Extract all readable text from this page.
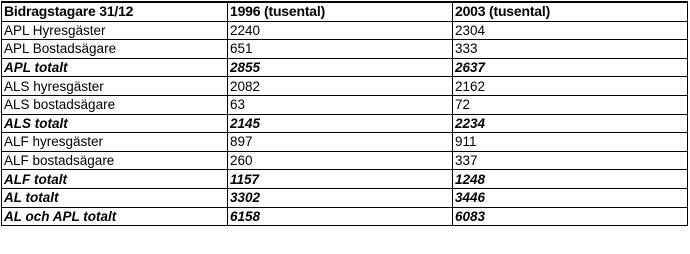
Bidragstagare 31/12	1996 (tusental)	2003 (tusental)
APL Hyresgäster	2240	2304
APL Bostadsägare	651	333
APL totalt	2855	2637
ALS hyresgäster	2082	2162
ALS bostadsägare	63	72
ALS totalt	2145	2234
ALF hyresgäster	897	911
ALF bostadsägare	260	337
ALF totalt	1157	1248
AL totalt	3302	3446
AL och APL totalt	6158	6083
